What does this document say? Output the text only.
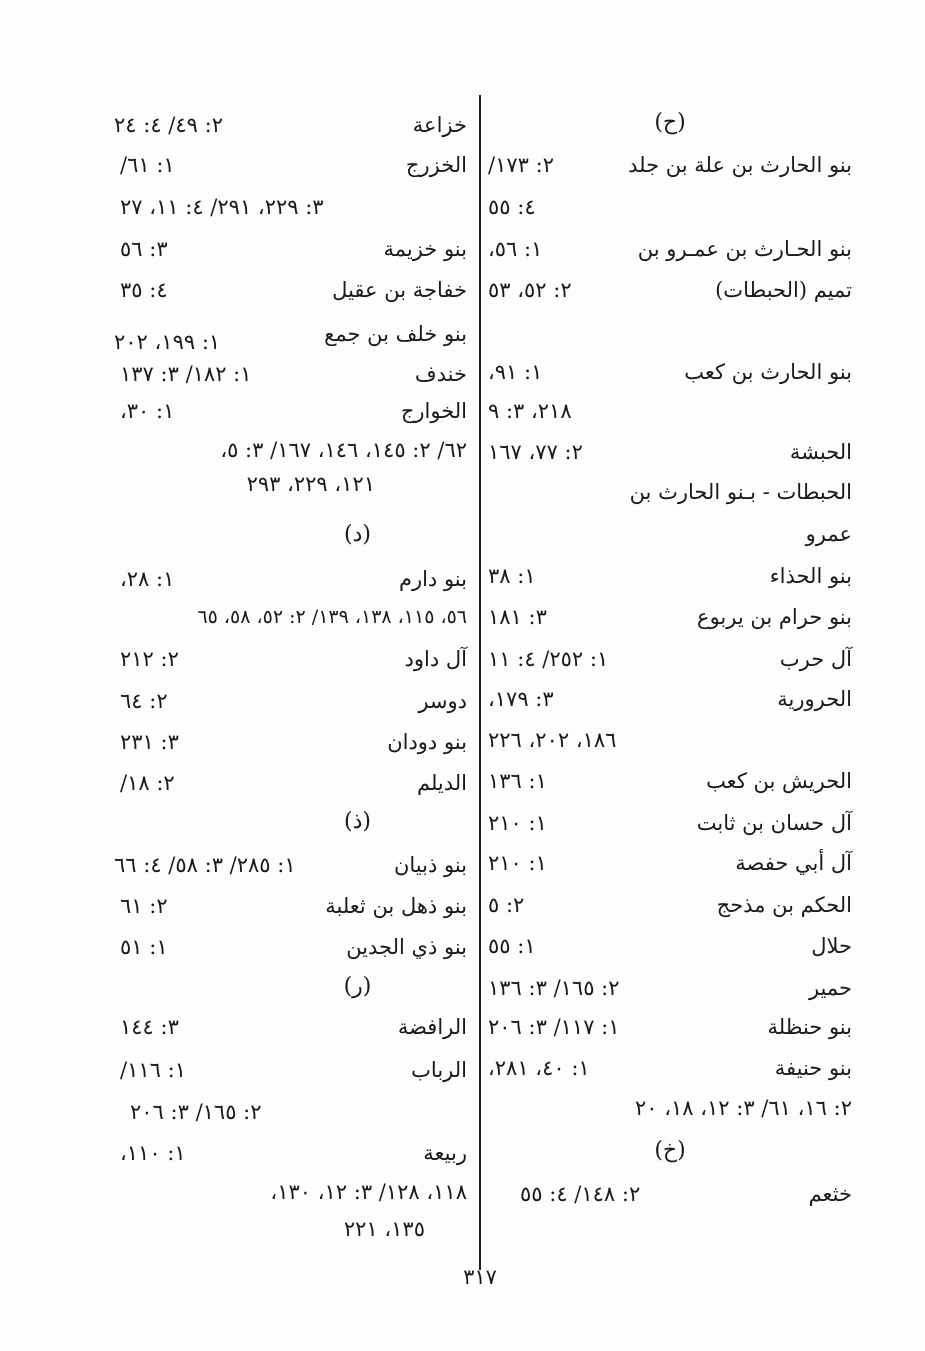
(ح)
بنو الحارث بن علة بن جلد
٢: ١٧٣/
٤: ٥٥
بنو الحـارث بن عمـرو بن
١: ٥٦،
تميم (الحبطات)
٢: ٥٢، ٥٣
بنو الحارث بن كعب
١: ٩١،
٢١٨، ٣: ٩
الحبشة
٢: ٧٧، ١٦٧
الحبطات - بـنو الحارث بن
عمرو
بنو الحذاء
١: ٣٨
بنو حرام بن يربوع
٣: ١٨١
آل حرب
١: ٢٥٢/ ٤: ١١
الحرورية
٣: ١٧٩،
١٨٦، ٢٠٢، ٢٢٦
الحريش بن كعب
١: ١٣٦
آل حسان بن ثابت
١: ٢١٠
آل أبي حفصة
١: ٢١٠
الحكم بن مذحج
٢: ٥
حلال
١: ٥٥
حمير
٢: ١٦٥/ ٣: ١٣٦
بنو حنظلة
١: ١١٧/ ٣: ٢٠٦
بنو حنيفة
١: ٤٠، ٢٨١،
٢: ١٦، ٦١/ ٣: ١٢، ١٨، ٢٠
(خ)
خثعم
٢: ١٤٨/ ٤: ٥٥
خزاعة
٢: ٤٩/ ٤: ٢٤
الخزرج
١: ٦١/
٣: ٢٢٩، ٢٩١/ ٤: ١١، ٢٧
بنو خزيمة
٣: ٥٦
خفاجة بن عقيل
٤: ٣٥
بنو خلف بن جمع
١: ١٩٩، ٢٠٢
خندف
١: ١٨٢/ ٣: ١٣٧
الخوارج
١: ٣٠،
٦٢/ ٢: ١٤٥، ١٤٦، ١٦٧/ ٣: ٥،
١٢١، ٢٢٩، ٢٩٣
(د)
بنو دارم
١: ٢٨،
٥٦، ١١٥، ١٣٨، ١٣٩/ ٢: ٥٢، ٥٨، ٦٥
آل داود
٢: ٢١٢
دوسر
٢: ٦٤
بنو دودان
٣: ٢٣١
الديلم
٢: ١٨/
(ذ)
بنو ذبيان
١: ٢٨٥/ ٣: ٥٨/ ٤: ٦٦
بنو ذهل بن ثعلبة
٢: ٦١
بنو ذي الجدين
١: ٥١
(ر)
الرافضة
٣: ١٤٤
الرباب
١: ١١٦/
٢: ١٦٥/ ٣: ٢٠٦
ربيعة
١: ١١٠،
١١٨، ١٢٨/ ٣: ١٢، ١٣٠،
١٣٥، ٢٢١
٣١٧
